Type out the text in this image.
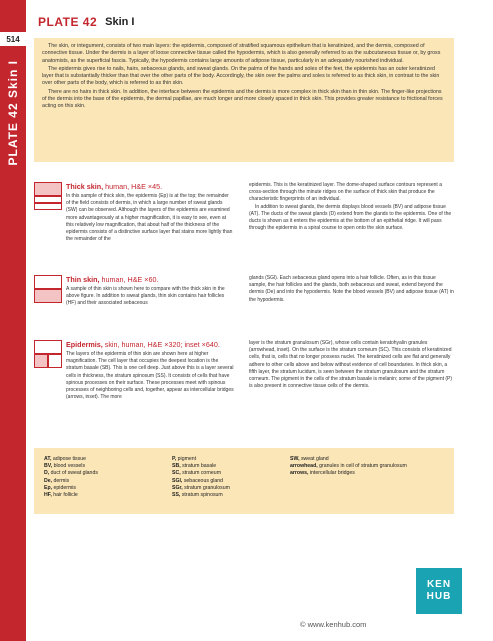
514
PLATE 42 Skin I
PLATE 42 Skin I

The skin, or integument, consists of two main layers: the epidermis, composed of stratified squamous epithelium that is keratinized, and the dermis, composed of connective tissue. Under the dermis is a layer of loose connective tissue called the hypodermis, which is also generally referred to as the subcutaneous tissue or, by gross anatomists, as the superficial fascia. Typically, the hypodermis contains large amounts of adipose tissue, particularly in an adequately nourished individual.

The epidermis gives rise to nails, hairs, sebaceous glands, and sweat glands. On the palms of the hands and soles of the feet, the epidermis has an outer keratinized layer that is substantially thicker than that over the other parts of the body. Accordingly, the skin over the palms and soles is referred to as thick skin, in contrast to the skin over other parts of the body, which is referred to as thin skin.

There are no hairs in thick skin. In addition, the interface between the epidermis and the dermis is more complex in thick skin than in thin skin. The finger-like projections of the dermis into the base of the epidermis, the dermal papillae, are much longer and more closely spaced in thick skin. This provides greater resistance to frictional forces acting on this skin.

Thick skin, human, H&E ×45.

In this sample of thick skin, the epidermis (Ep) is at the top; the remainder of the field consists of dermis, in which a large number of sweat glands (SW) can be observed. Although the layers of the epidermis are examined more advantageously at a higher magnification, it is easy to see, even at this relatively low magnification, that about half of the thickness of the epidermis consists of a distinctive surface layer that stains more lightly than the remainder of the

epidermis. This is the keratinized layer. The dome-shaped surface contours represent a cross-section through the minute ridges on the surface of thick skin that produce the characteristic fingerprints of an individual.

In addition to sweat glands, the dermis displays blood vessels (BV) and adipose tissue (AT). The ducts of the sweat glands (D) extend from the glands to the epidermis. One of the ducts is shown as it enters the epidermis at the bottom of an epithelial ridge. It will pass through the epidermis in a spiral course to open onto the skin surface.

Thin skin, human, H&E ×60.

A sample of thin skin is shown here to compare with the thick skin in the above figure. In addition to sweat glands, thin skin contains hair follicles (HF) and their associated sebaceous

glands (SGl). Each sebaceous gland opens into a hair follicle. Often, as in this tissue sample, the hair follicles and the glands, both sebaceous and sweat, extend beyond the dermis (De) and into the hypodermis. Note the blood vessels (BV) and adipose tissue (AT) in the hypodermis.

Epidermis, skin, human, H&E ×320; inset ×640.

The layers of the epidermis of thin skin are shown here at higher magnification. The cell layer that occupies the deepest location is the stratum basale (SB). This is one cell deep. Just above this is a layer several cells in thickness, the stratum spinosum (SS). It consists of cells that have spinous processes on their surface. These processes meet with spinous processes of neighboring cells and, together, appear as intercellular bridges (arrows, inset). The more

layer is the stratum granulosum (SGr), whose cells contain keratohyalin granules (arrowhead, inset). On the surface is the stratum corneum (SC). This consists of keratinized cells, that is, cells that no longer possess nuclei. The keratinized cells are flat and generally adhere to other cells above and below without evidence of cell boundaries. In thick skin, a fifth layer, the stratum lucidum, is seen between the stratum granulosum and the stratum corneum. The pigment in the cells of the stratum basale is melanin; some of the pigment (P) is also present in connective tissue cells of the dermis.

AT, adipose tissue
BV, blood vessels
D, duct of sweat glands
De, dermis
Ep, epidermis
HF, hair follicle
P, pigment
SB, stratum basale
SC, stratum corneum
SGl, sebaceous gland
SGr, stratum granulosum
SS, stratum spinosum
SW, sweat gland
arrowhead, granules in cell of stratum granulosum
arrows, intercellular bridges
KEN
HUB
© www.kenhub.com
